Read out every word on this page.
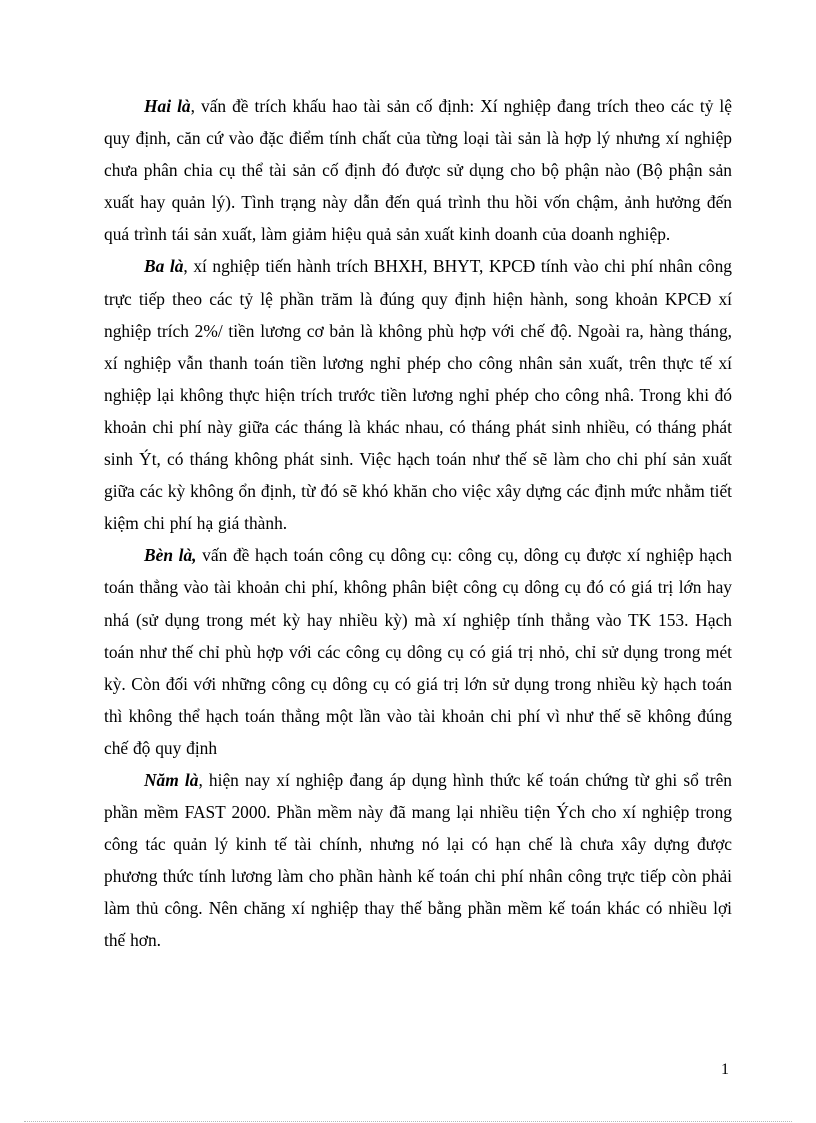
Hai là, vấn đề trích khấu hao tài sản cố định: Xí nghiệp đang trích theo các tỷ lệ quy định, căn cứ vào đặc điểm tính chất của từng loại tài sản là hợp lý nhưng xí nghiệp chưa phân chia cụ thể tài sản cố định đó được sử dụng cho bộ phận nào (Bộ phận sản xuất hay quản lý). Tình trạng này dẫn đến quá trình thu hồi vốn chậm, ảnh hưởng đến quá trình tái sản xuất, làm giảm hiệu quả sản xuất kinh doanh của doanh nghiệp.

Ba là, xí nghiệp tiến hành trích BHXH, BHYT, KPCĐ tính vào chi phí nhân công trực tiếp theo các tỷ lệ phần trăm là đúng quy định hiện hành, song khoản KPCĐ xí nghiệp trích 2%/ tiền lương cơ bản là không phù hợp với chế độ. Ngoài ra, hàng tháng, xí nghiệp vẫn thanh toán tiền lương nghỉ phép cho công nhân sản xuất, trên thực tế xí nghiệp lại không thực hiện trích trước tiền lương nghỉ phép cho công nhâ. Trong khi đó khoản chi phí này giữa các tháng là khác nhau, có tháng phát sinh nhiều, có tháng phát sinh Ýt, có tháng không phát sinh. Việc hạch toán như thế sẽ làm cho chi phí sản xuất giữa các kỳ không ổn định, từ đó sẽ khó khăn cho việc xây dựng các định mức nhằm tiết kiệm chi phí hạ giá thành.

Bèn là, vấn đề hạch toán công cụ dông cụ: công cụ, dông cụ được xí nghiệp hạch toán thẳng vào tài khoản chi phí, không phân biệt công cụ dông cụ đó có giá trị lớn hay nhá (sử dụng trong mét kỳ hay nhiều kỳ) mà xí nghiệp tính thẳng vào TK 153. Hạch toán như thế chỉ phù hợp với các công cụ dông cụ có giá trị nhỏ, chỉ sử dụng trong mét kỳ. Còn đối với những công cụ dông cụ có giá trị lớn sử dụng trong nhiều kỳ hạch toán thì không thể hạch toán thẳng một lần vào tài khoản chi phí vì như thế sẽ không đúng chế độ quy định

Năm là, hiện nay xí nghiệp đang áp dụng hình thức kế toán chứng từ ghi sổ trên phần mềm FAST 2000. Phần mềm này đã mang lại nhiều tiện Ých cho xí nghiệp trong công tác quản lý kinh tế tài chính, nhưng nó lại có hạn chế là chưa xây dựng được phương thức tính lương làm cho phần hành kế toán chi phí nhân công trực tiếp còn phải làm thủ công. Nên chăng xí nghiệp thay thế bằng phần mềm kế toán khác có nhiều lợi thế hơn.

1
